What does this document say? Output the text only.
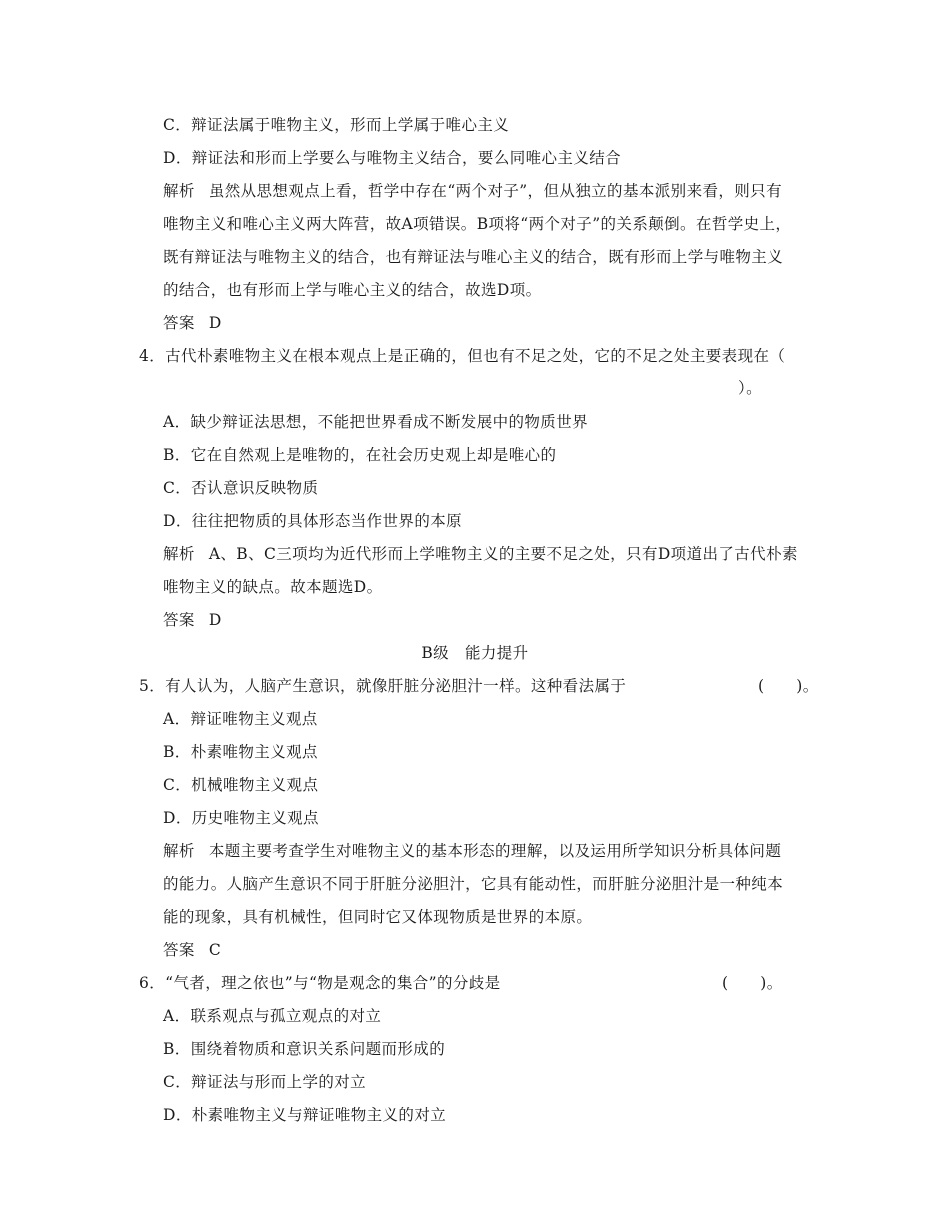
C．辩证法属于唯物主义，形而上学属于唯心主义
D．辩证法和形而上学要么与唯物主义结合，要么同唯心主义结合
解析 虽然从思想观点上看，哲学中存在“两个对子”，但从独立的基本派别来看，则只有
唯物主义和唯心主义两大阵营，故A项错误。B项将“两个对子”的关系颠倒。在哲学史上，
既有辩证法与唯物主义的结合，也有辩证法与唯心主义的结合，既有形而上学与唯物主义
的结合，也有形而上学与唯心主义的结合，故选D项。
答案 D
4．古代朴素唯物主义在根本观点上是正确的，但也有不足之处，它的不足之处主要表现在（
）。
A．缺少辩证法思想，不能把世界看成不断发展中的物质世界
B．它在自然观上是唯物的，在社会历史观上却是唯心的
C．否认意识反映物质
D．往往把物质的具体形态当作世界的本原
解析 A、B、C三项均为近代形而上学唯物主义的主要不足之处，只有D项道出了古代朴素
唯物主义的缺点。故本题选D。
答案 D
B级　能力提升
5．有人认为，人脑产生意识，就像肝脏分泌胆汁一样。这种看法属于	(　　)。
A．辩证唯物主义观点
B．朴素唯物主义观点
C．机械唯物主义观点
D．历史唯物主义观点
解析 本题主要考查学生对唯物主义的基本形态的理解，以及运用所学知识分析具体问题
的能力。人脑产生意识不同于肝脏分泌胆汁，它具有能动性，而肝脏分泌胆汁是一种纯本
能的现象，具有机械性，但同时它又体现物质是世界的本原。
答案 C
6．“气者，理之依也”与“物是观念的集合”的分歧是	(　　)。
A．联系观点与孤立观点的对立
B．围绕着物质和意识关系问题而形成的
C．辩证法与形而上学的对立
D．朴素唯物主义与辩证唯物主义的对立
